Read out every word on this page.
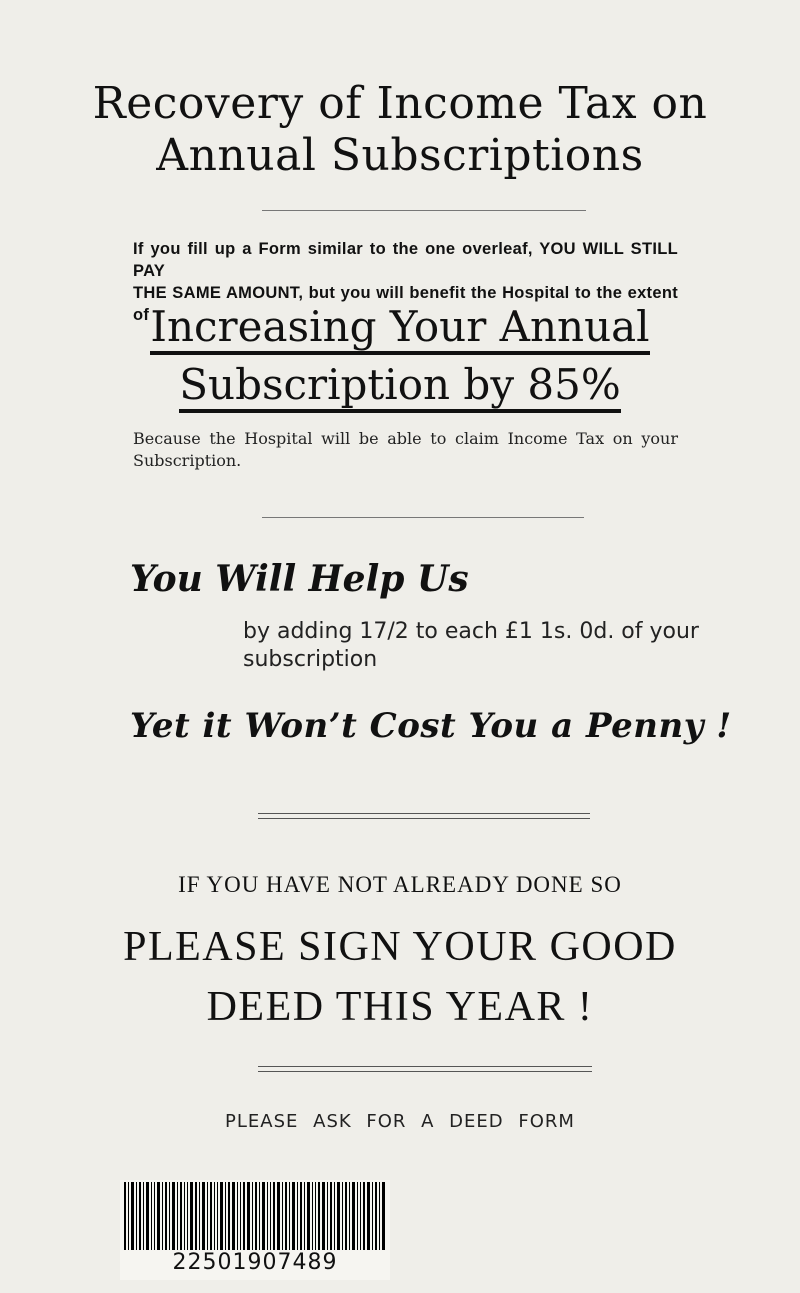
Recovery of Income Tax on
Annual Subscriptions
If you fill up a Form similar to the one overleaf, YOU WILL STILL PAY
THE SAME AMOUNT, but you will benefit the Hospital to the extent of Increasing Your Annual
Subscription by 85%
Because the Hospital will be able to claim Income Tax on your Subscription.
You Will Help Us
by adding 17/2 to each £1 1s. 0d. of your subscription
Yet it Won’t Cost You a Penny !
IF YOU HAVE NOT ALREADY DONE SO
PLEASE SIGN YOUR GOOD
DEED THIS YEAR !
PLEASE ASK FOR A DEED FORM
22501907489
